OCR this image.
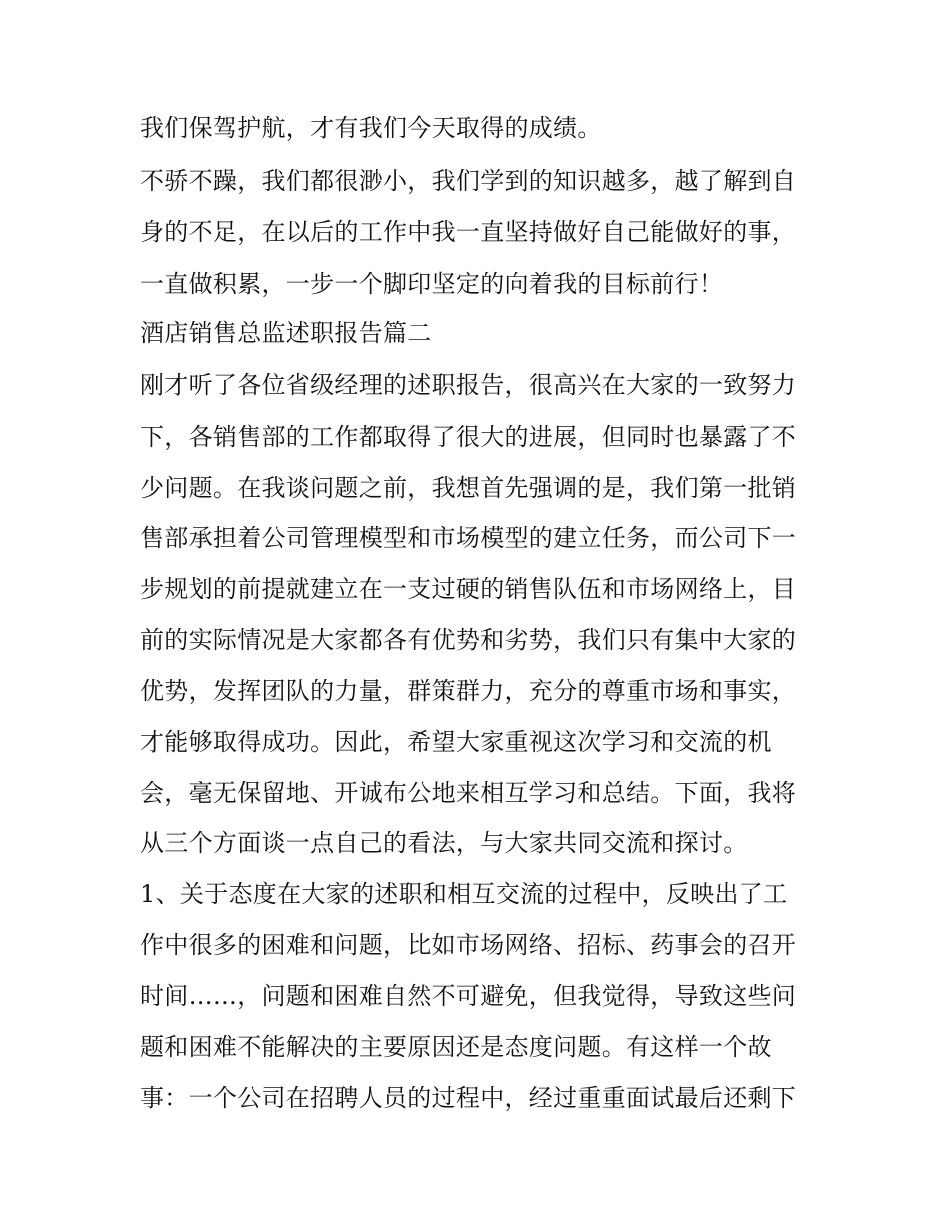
我们保驾护航，才有我们今天取得的成绩。

不骄不躁，我们都很渺小，我们学到的知识越多，越了解到自

身的不足，在以后的工作中我一直坚持做好自己能做好的事，

一直做积累，一步一个脚印坚定的向着我的目标前行！

酒店销售总监述职报告篇二

刚才听了各位省级经理的述职报告，很高兴在大家的一致努力

下，各销售部的工作都取得了很大的进展，但同时也暴露了不

少问题。在我谈问题之前，我想首先强调的是，我们第一批销

售部承担着公司管理模型和市场模型的建立任务，而公司下一

步规划的前提就建立在一支过硬的销售队伍和市场网络上，目

前的实际情况是大家都各有优势和劣势，我们只有集中大家的

优势，发挥团队的力量，群策群力，充分的尊重市场和事实，

才能够取得成功。因此，希望大家重视这次学习和交流的机

会，毫无保留地、开诚布公地来相互学习和总结。下面，我将

从三个方面谈一点自己的看法，与大家共同交流和探讨。

1、关于态度在大家的述职和相互交流的过程中，反映出了工

作中很多的困难和问题，比如市场网络、招标、药事会的召开

时间……，问题和困难自然不可避免，但我觉得，导致这些问

题和困难不能解决的主要原因还是态度问题。有这样一个故

事：一个公司在招聘人员的过程中，经过重重面试最后还剩下
